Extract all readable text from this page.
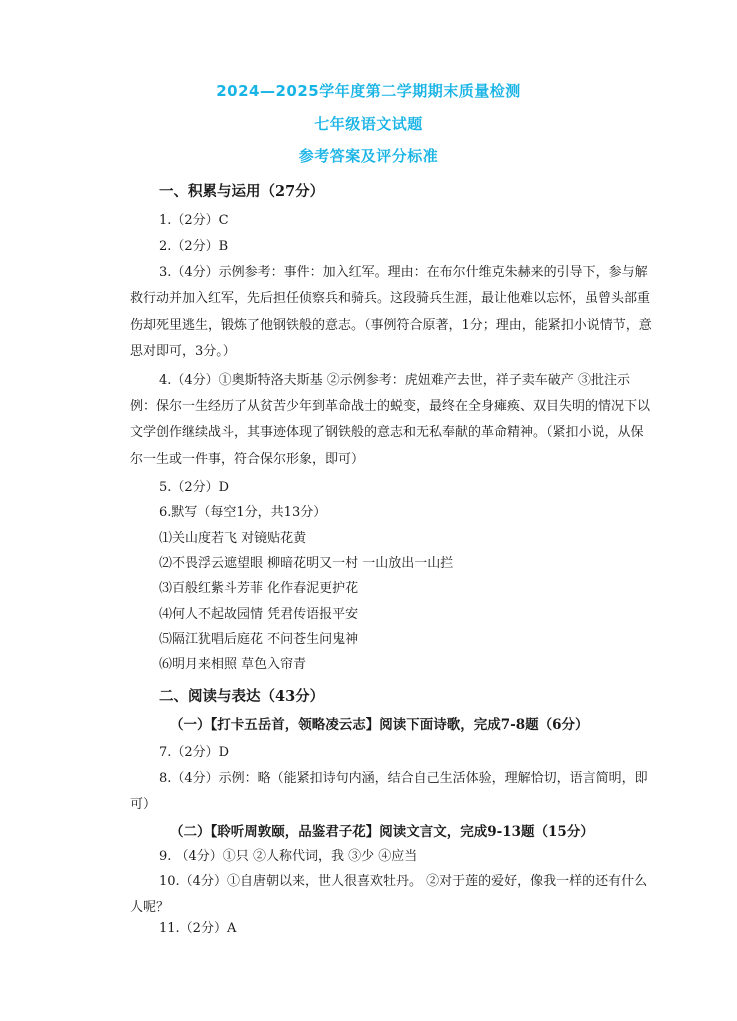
2024—2025学年度第二学期期末质量检测
七年级语文试题
参考答案及评分标准
一、积累与运用（27分）
1.（2分）C
2.（2分）B
3.（4分）示例参考：事件：加入红军。理由：在布尔什维克朱赫来的引导下，参与解
救行动并加入红军，先后担任侦察兵和骑兵。这段骑兵生涯，最让他难以忘怀，虽曾头部重
伤却死里逃生，锻炼了他钢铁般的意志。（事例符合原著，1分；理由，能紧扣小说情节，意
思对即可，3分。）
4.（4分）①奥斯特洛夫斯基 ②示例参考：虎妞难产去世，祥子卖车破产 ③批注示
例：保尔一生经历了从贫苦少年到革命战士的蜕变，最终在全身瘫痪、双目失明的情况下以
文学创作继续战斗，其事迹体现了钢铁般的意志和无私奉献的革命精神。（紧扣小说，从保
尔一生或一件事，符合保尔形象，即可）
5.（2分）D
6.默写（每空1分，共13分）
⑴关山度若飞 对镜贴花黄
⑵不畏浮云遮望眼 柳暗花明又一村 一山放出一山拦
⑶百般红紫斗芳菲 化作春泥更护花
⑷何人不起故园情 凭君传语报平安
⑸隔江犹唱后庭花 不问苍生问鬼神
⑹明月来相照 草色入帘青
二、阅读与表达（43分）
（一）【打卡五岳首，领略凌云志】阅读下面诗歌，完成7-8题（6分）
7.（2分）D
8.（4分）示例：略（能紧扣诗句内涵，结合自己生活体验，理解恰切，语言简明，即
可）
（二）【聆听周敦颐，品鉴君子花】阅读文言文，完成9-13题（15分）
9. （4分）①只 ②人称代词，我 ③少 ④应当
10.（4分）①自唐朝以来，世人很喜欢牡丹。 ②对于莲的爱好，像我一样的还有什么
人呢？
11.（2分）A
